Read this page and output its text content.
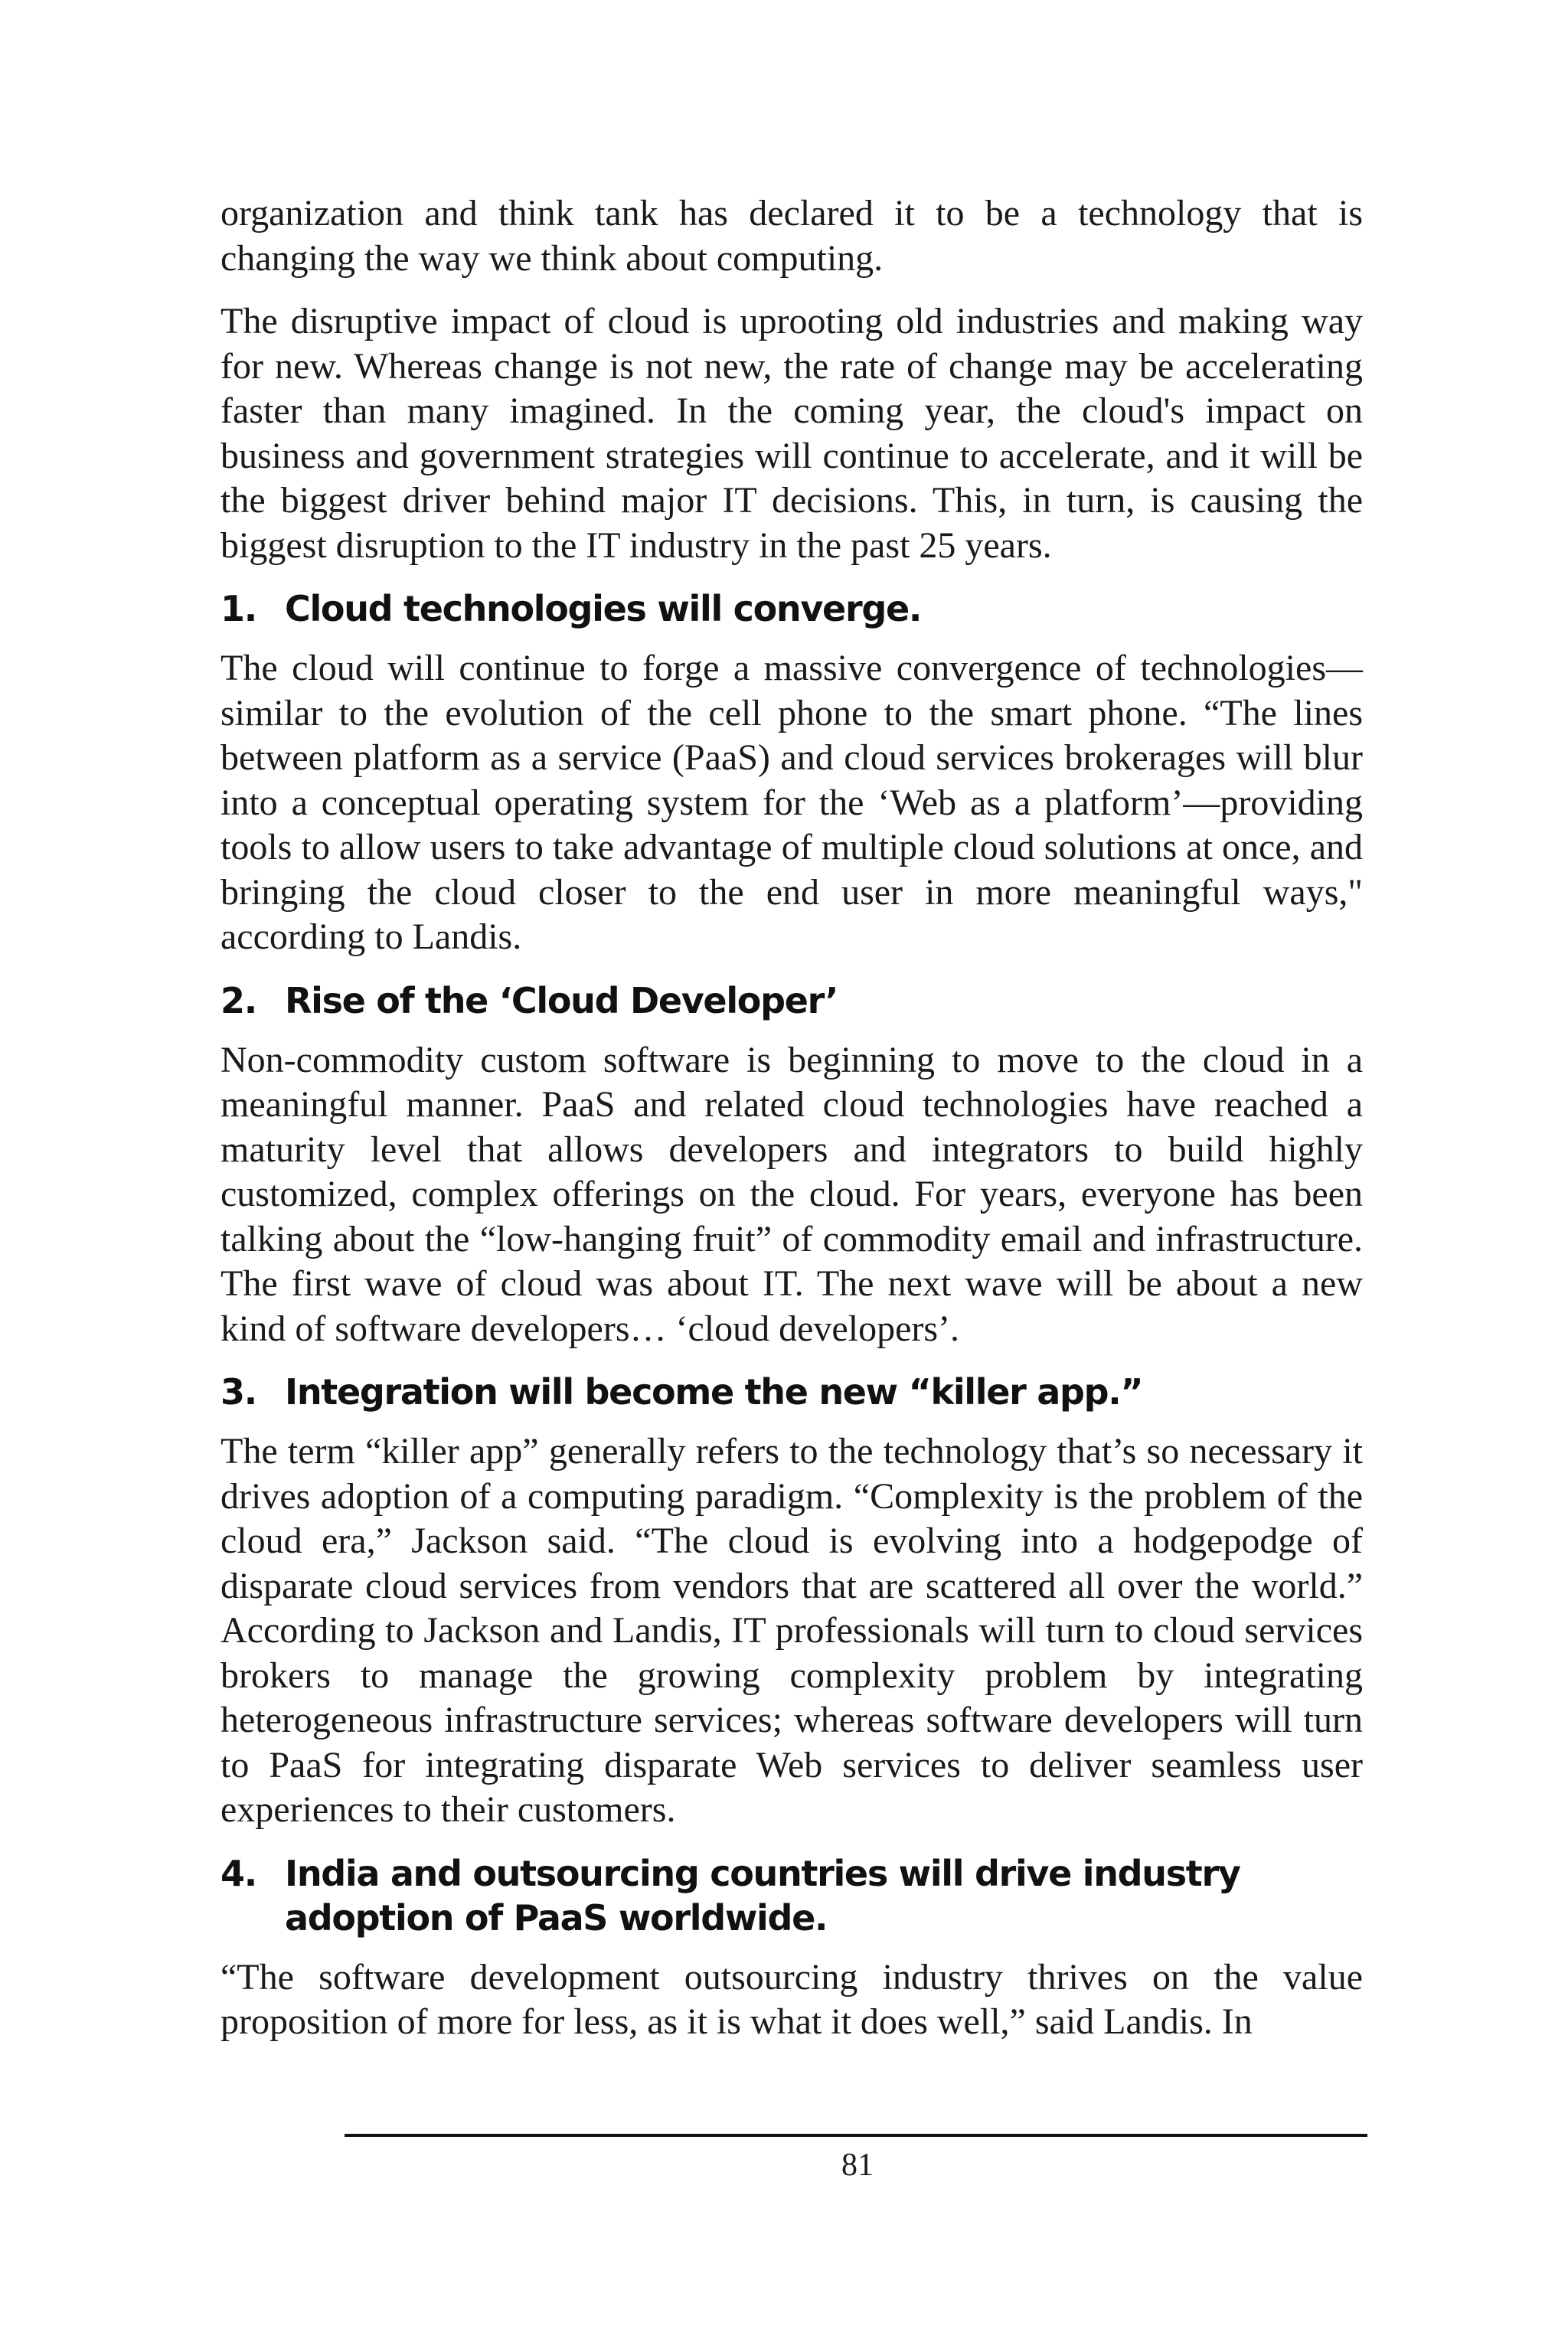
organization and think tank has declared it to be a technology that is changing the way we think about computing.

The disruptive impact of cloud is uprooting old industries and making way for new. Whereas change is not new, the rate of change may be accelerating faster than many imagined. In the coming year, the cloud's impact on business and government strategies will continue to accelerate, and it will be the biggest driver behind major IT decisions. This, in turn, is causing the biggest disruption to the IT industry in the past 25 years.

1. Cloud technologies will converge.

The cloud will continue to forge a massive convergence of technologies—similar to the evolution of the cell phone to the smart phone. “The lines between platform as a service (PaaS) and cloud services brokerages will blur into a conceptual operating system for the ‘Web as a platform’—providing tools to allow users to take advantage of multiple cloud solutions at once, and bringing the cloud closer to the end user in more meaningful ways," according to Landis.

2. Rise of the ‘Cloud Developer’

Non-commodity custom software is beginning to move to the cloud in a meaningful manner. PaaS and related cloud technologies have reached a maturity level that allows developers and integrators to build highly customized, complex offerings on the cloud. For years, everyone has been talking about the “low-hanging fruit” of commodity email and infrastructure. The first wave of cloud was about IT. The next wave will be about a new kind of software developers… ‘cloud developers’.

3. Integration will become the new “killer app.”

The term “killer app” generally refers to the technology that’s so necessary it drives adoption of a computing paradigm. “Complexity is the problem of the cloud era,” Jackson said. “The cloud is evolving into a hodgepodge of disparate cloud services from vendors that are scattered all over the world.” According to Jackson and Landis, IT professionals will turn to cloud services brokers to manage the growing complexity problem by integrating heterogeneous infrastructure services; whereas software developers will turn to PaaS for integrating disparate Web services to deliver seamless user experiences to their customers.

4. India and outsourcing countries will drive industry adoption of PaaS worldwide.

“The software development outsourcing industry thrives on the value proposition of more for less, as it is what it does well,” said Landis. In

81
